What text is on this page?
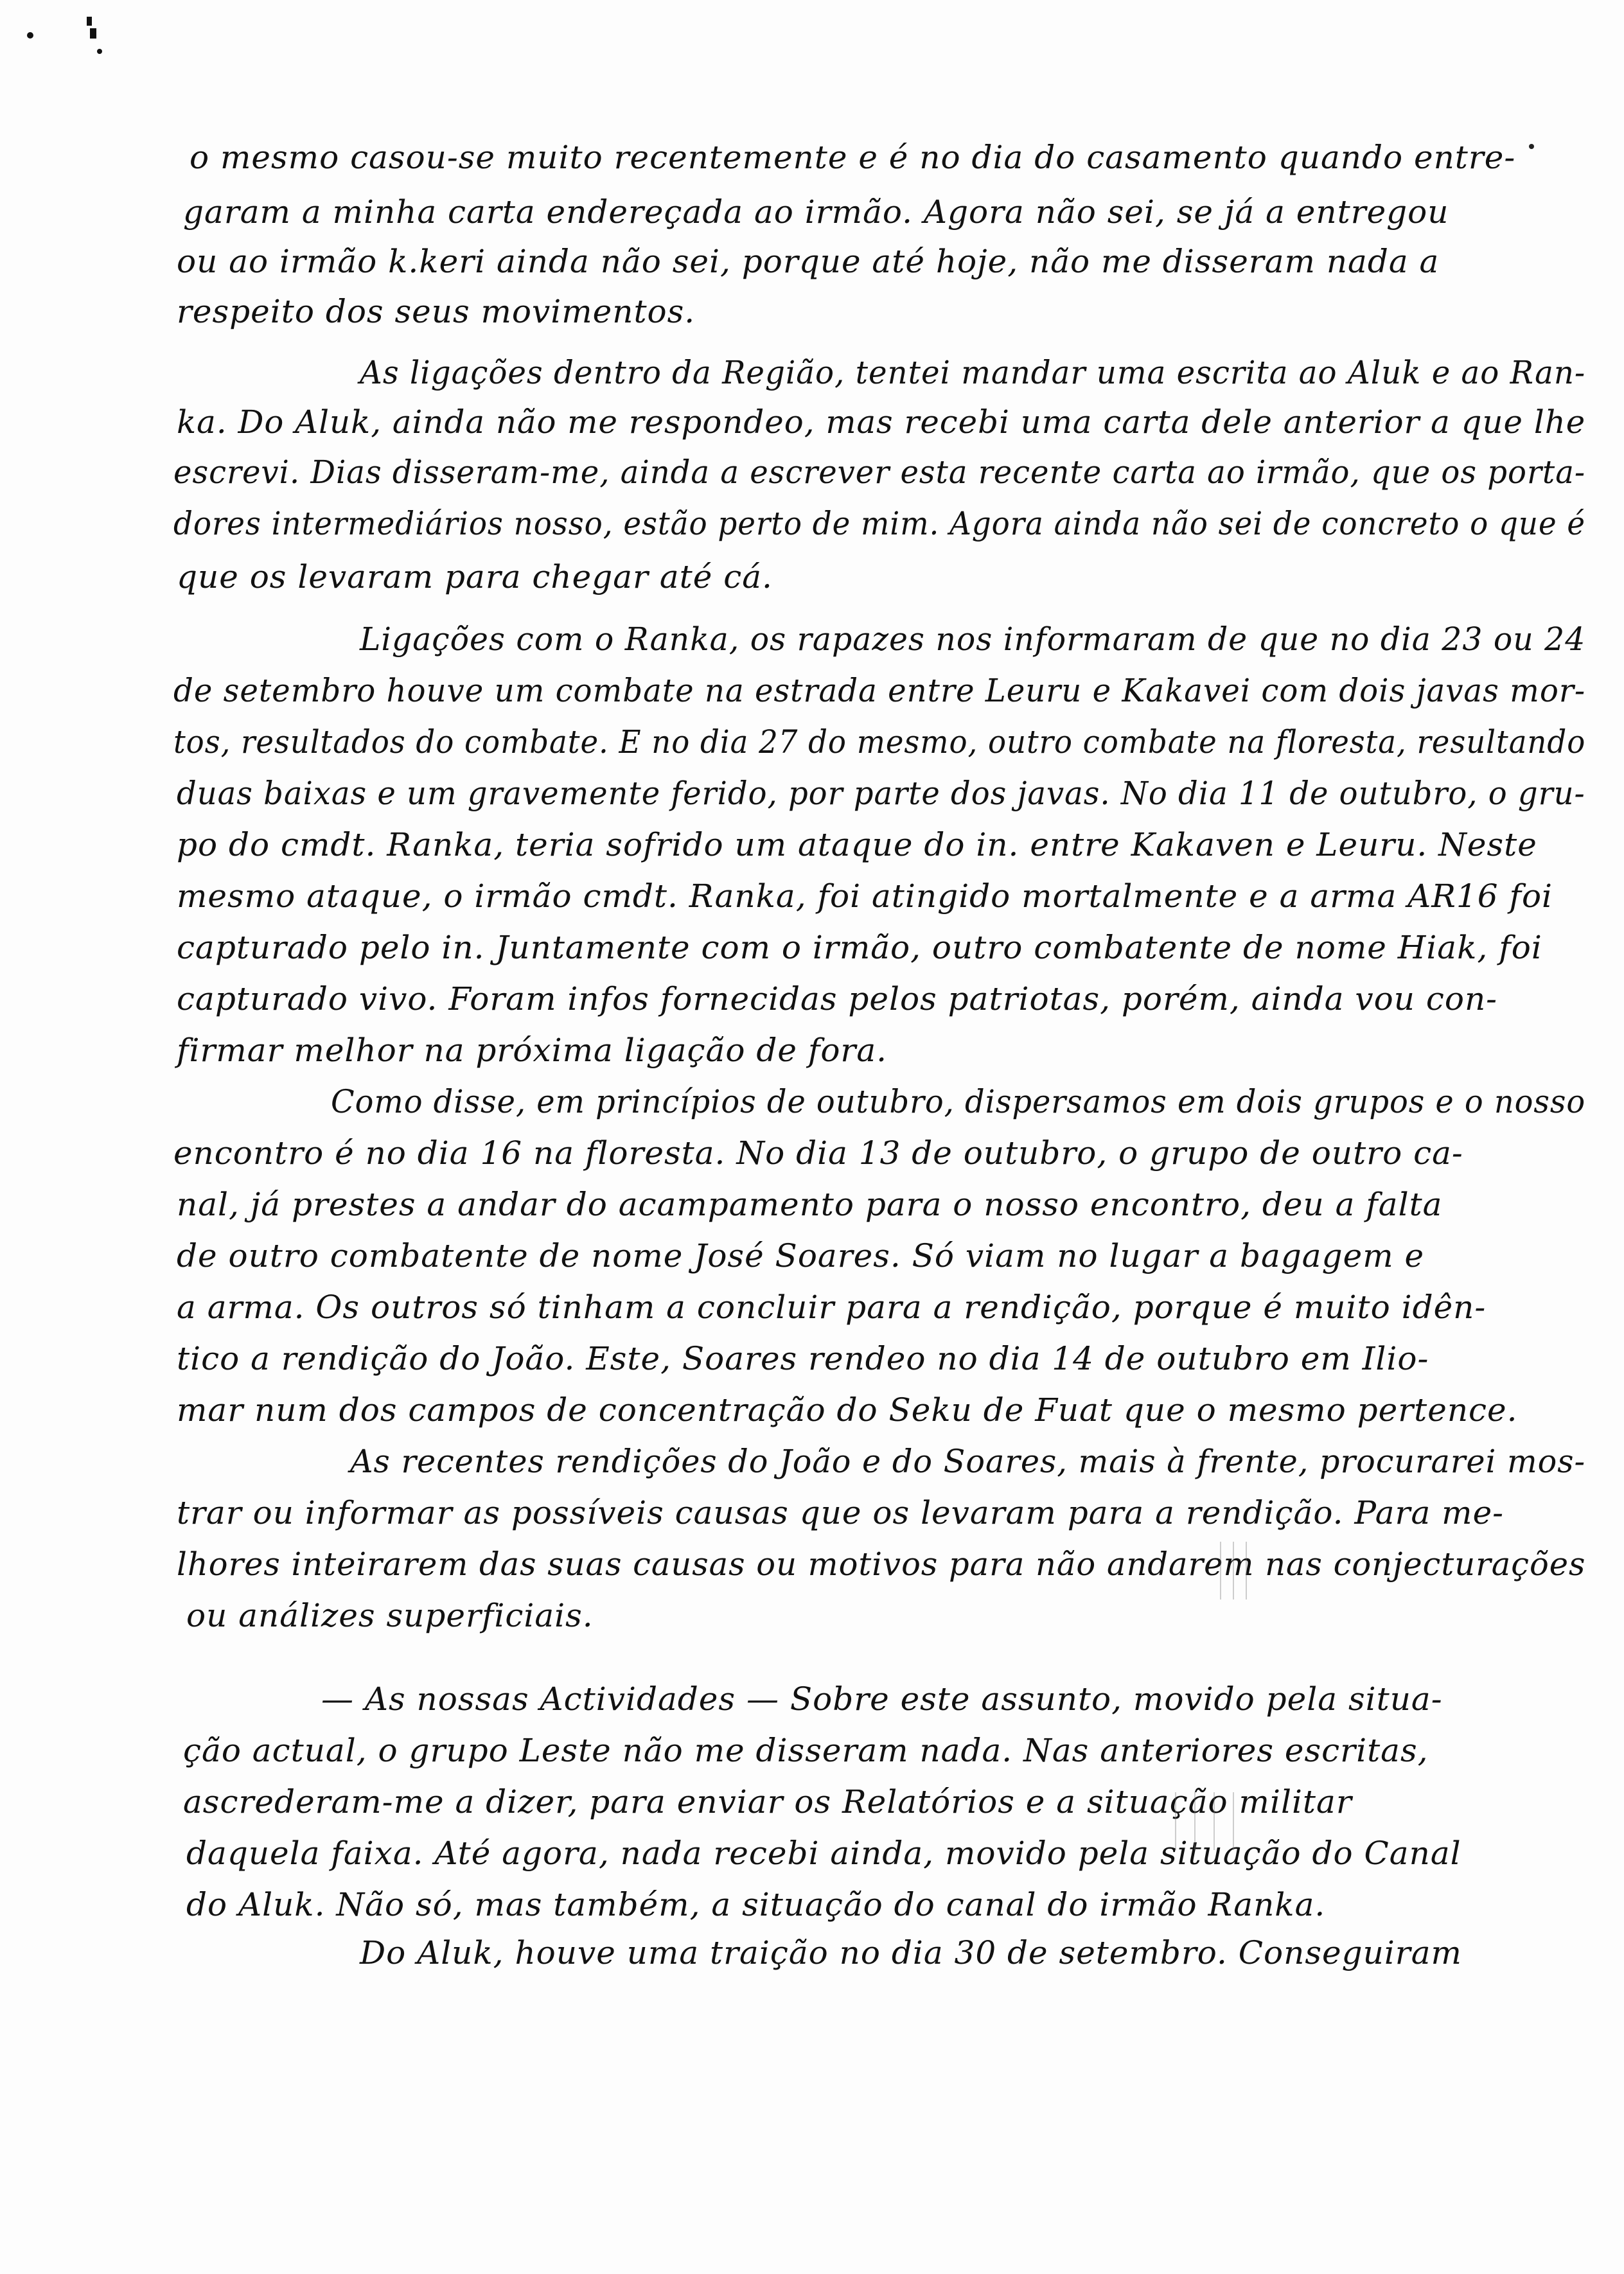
o mesmo casou-se muito recentemente e é no dia do casamento quando entre-
garam a minha carta endereçada ao irmão. Agora não sei, se já a entregou
ou ao irmão k.keri ainda não sei, porque até hoje, não me disseram nada a
respeito dos seus movimentos.
As ligações dentro da Região, tentei mandar uma escrita ao Aluk e ao Ran-
ka. Do Aluk, ainda não me respondeo, mas recebi uma carta dele anterior a que lhe
escrevi. Dias disseram-me, ainda a escrever esta recente carta ao irmão, que os porta-
dores intermediários nosso, estão perto de mim. Agora ainda não sei de concreto o que é
que os levaram para chegar até cá.
Ligações com o Ranka, os rapazes nos informaram de que no dia 23 ou 24
de setembro houve um combate na estrada entre Leuru e Kakavei com dois javas mor-
tos, resultados do combate. E no dia 27 do mesmo, outro combate na floresta, resultando
duas baixas e um gravemente ferido, por parte dos javas. No dia 11 de outubro, o gru-
po do cmdt. Ranka, teria sofrido um ataque do in. entre Kakaven e Leuru. Neste
mesmo ataque, o irmão cmdt. Ranka, foi atingido mortalmente e a arma AR16 foi
capturado pelo in. Juntamente com o irmão, outro combatente de nome Hiak, foi
capturado vivo. Foram infos fornecidas pelos patriotas, porém, ainda vou con-
firmar melhor na próxima ligação de fora.
Como disse, em princípios de outubro, dispersamos em dois grupos e o nosso
encontro é no dia 16 na floresta. No dia 13 de outubro, o grupo de outro ca-
nal, já prestes a andar do acampamento para o nosso encontro, deu a falta
de outro combatente de nome José Soares. Só viam no lugar a bagagem e
a arma. Os outros só tinham a concluir para a rendição, porque é muito idên-
tico a rendição do João. Este, Soares rendeo no dia 14 de outubro em Ilio-
mar num dos campos de concentração do Seku de Fuat que o mesmo pertence.
As recentes rendições do João e do Soares, mais à frente, procurarei mos-
trar ou informar as possíveis causas que os levaram para a rendição. Para me-
lhores inteirarem das suas causas ou motivos para não andarem nas conjecturações
ou análizes superficiais.
— As nossas Actividades — Sobre este assunto, movido pela situa-
ção actual, o grupo Leste não me disseram nada. Nas anteriores escritas,
ascrederam-me a dizer, para enviar os Relatórios e a situação militar
daquela faixa. Até agora, nada recebi ainda, movido pela situação do Canal
do Aluk. Não só, mas também, a situação do canal do irmão Ranka.
Do Aluk, houve uma traição no dia 30 de setembro. Conseguiram
